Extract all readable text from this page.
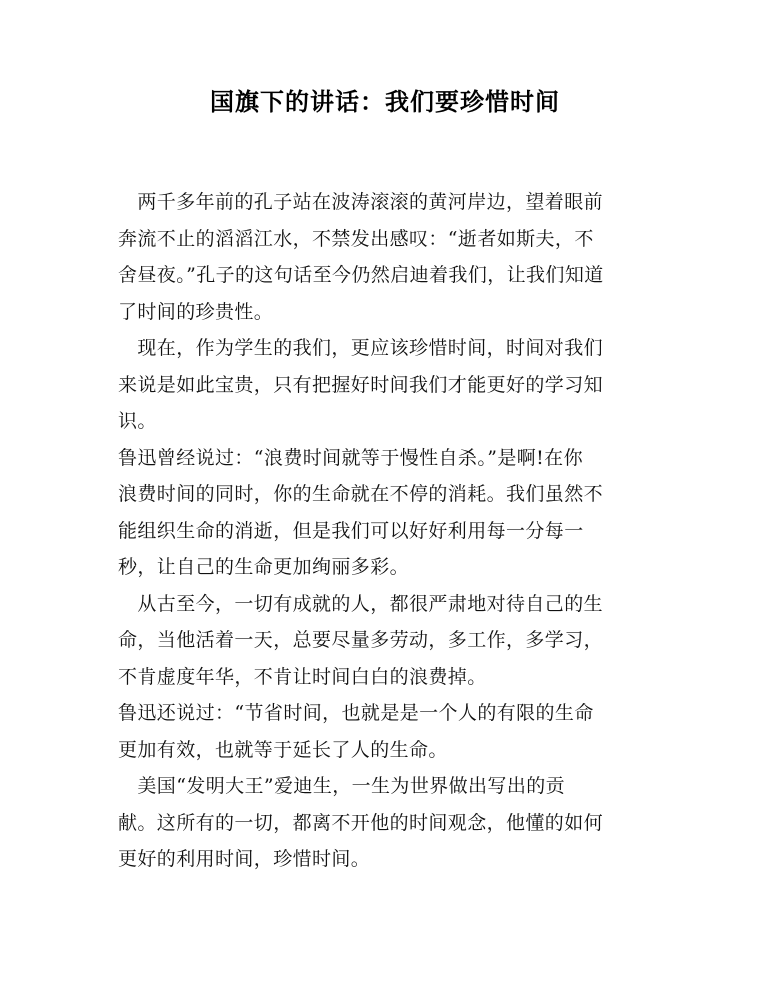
国旗下的讲话：我们要珍惜时间
　两千多年前的孔子站在波涛滚滚的黄河岸边，望着眼前
奔流不止的滔滔江水，不禁发出感叹：“逝者如斯夫，不
舍昼夜。”孔子的这句话至今仍然启迪着我们，让我们知道
了时间的珍贵性。
　现在，作为学生的我们，更应该珍惜时间，时间对我们
来说是如此宝贵，只有把握好时间我们才能更好的学习知
识。
鲁迅曾经说过：“浪费时间就等于慢性自杀。”是啊!在你
浪费时间的同时，你的生命就在不停的消耗。我们虽然不
能组织生命的消逝，但是我们可以好好利用每一分每一
秒，让自己的生命更加绚丽多彩。
　从古至今，一切有成就的人，都很严肃地对待自己的生
命，当他活着一天，总要尽量多劳动，多工作，多学习，
不肯虚度年华，不肯让时间白白的浪费掉。
鲁迅还说过：“节省时间，也就是是一个人的有限的生命
更加有效，也就等于延长了人的生命。
　美国“发明大王”爱迪生，一生为世界做出写出的贡
献。这所有的一切，都离不开他的时间观念，他懂的如何
更好的利用时间，珍惜时间。
